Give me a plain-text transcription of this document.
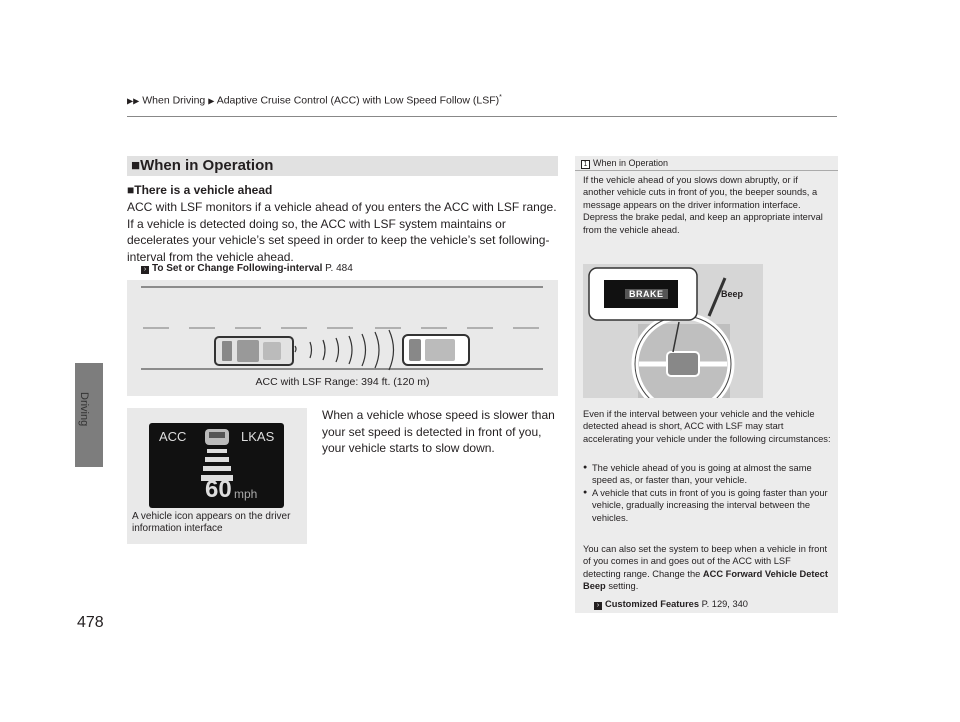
▶▶ When Driving ▶ Adaptive Cruise Control (ACC) with Low Speed Follow (LSF)*
Driving
478
■When in Operation
■There is a vehicle ahead
ACC with LSF monitors if a vehicle ahead of you enters the ACC with LSF range. If a vehicle is detected doing so, the ACC with LSF system maintains or decelerates your vehicle’s set speed in order to keep the vehicle’s set following-interval from the vehicle ahead.
› To Set or Change Following-interval P. 484
ACC with LSF Range: 394 ft. (120 m)
ACC	LKAS
60 mph
A vehicle icon appears on the driver information interface
When a vehicle whose speed is slower than your set speed is detected in front of you, your vehicle starts to slow down.
1 When in Operation
If the vehicle ahead of you slows down abruptly, or if another vehicle cuts in front of you, the beeper sounds, a message appears on the driver information interface.
Depress the brake pedal, and keep an appropriate interval from the vehicle ahead.
BRAKE	Beep
Even if the interval between your vehicle and the vehicle detected ahead is short, ACC with LSF may start accelerating your vehicle under the following circumstances:
● The vehicle ahead of you is going at almost the same speed as, or faster than, your vehicle.
● A vehicle that cuts in front of you is going faster than your vehicle, gradually increasing the interval between the vehicles.
You can also set the system to beep when a vehicle in front of you comes in and goes out of the ACC with LSF detecting range. Change the ACC Forward Vehicle Detect Beep setting.
› Customized Features P. 129, 340
